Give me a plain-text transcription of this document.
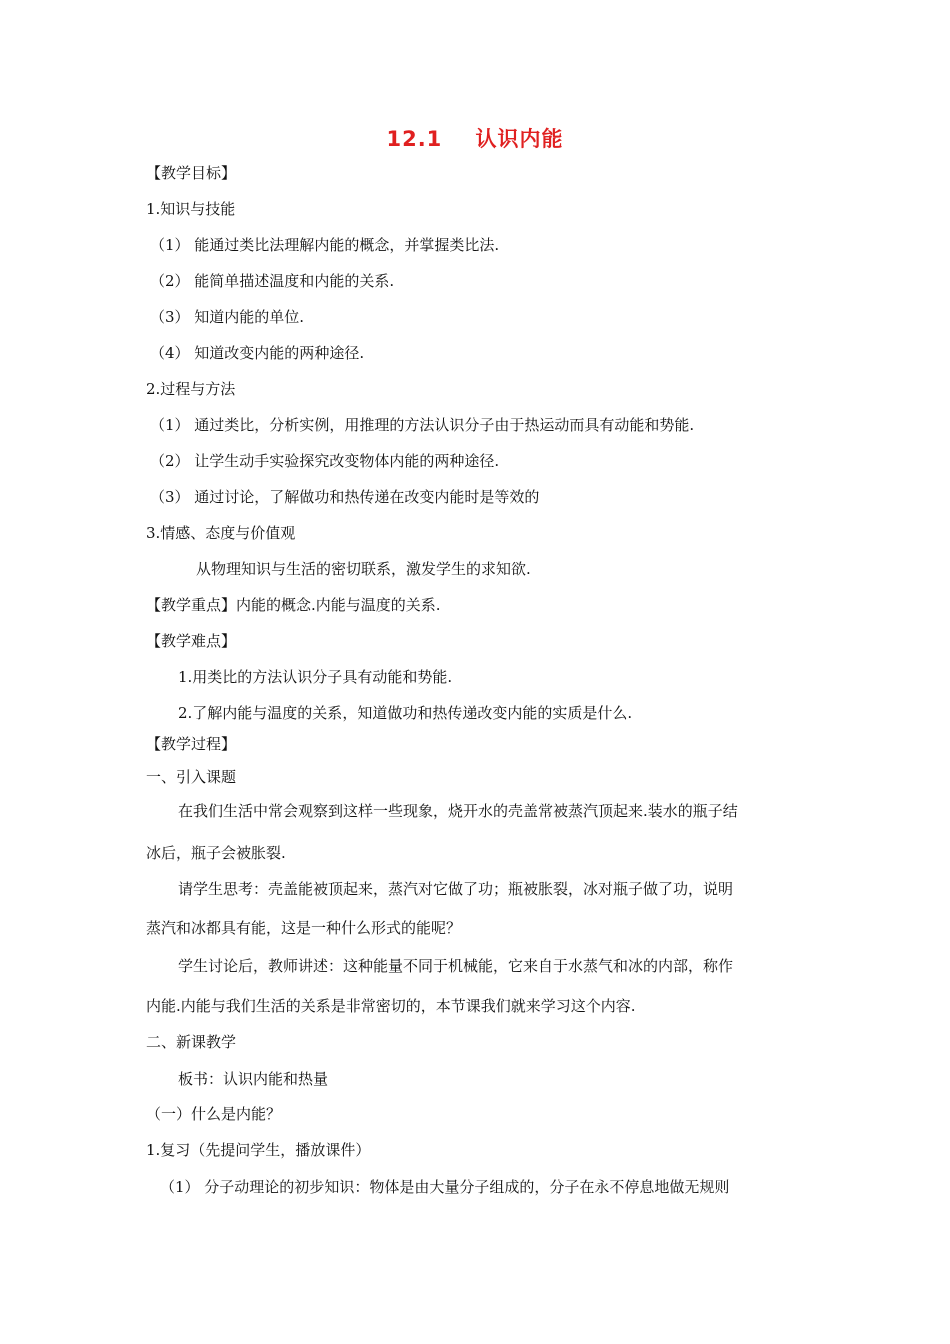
12.1    认识内能
【教学目标】
1.知识与技能
（1） 能通过类比法理解内能的概念，并掌握类比法.
（2） 能简单描述温度和内能的关系.
（3） 知道内能的单位.
（4） 知道改变内能的两种途径.
2.过程与方法
（1） 通过类比，分析实例，用推理的方法认识分子由于热运动而具有动能和势能.
（2） 让学生动手实验探究改变物体内能的两种途径.
（3） 通过讨论，了解做功和热传递在改变内能时是等效的
3.情感、态度与价值观
从物理知识与生活的密切联系，激发学生的求知欲.
【教学重点】内能的概念.内能与温度的关系.
【教学难点】
1.用类比的方法认识分子具有动能和势能.
2.了解内能与温度的关系，知道做功和热传递改变内能的实质是什么.
【教学过程】
一、引入课题
在我们生活中常会观察到这样一些现象，烧开水的壳盖常被蒸汽顶起来.装水的瓶子结
冰后，瓶子会被胀裂.
请学生思考：壳盖能被顶起来，蒸汽对它做了功；瓶被胀裂，冰对瓶子做了功，说明
蒸汽和冰都具有能，这是一种什么形式的能呢？
学生讨论后，教师讲述：这种能量不同于机械能，它来自于水蒸气和冰的内部，称作
内能.内能与我们生活的关系是非常密切的，本节课我们就来学习这个内容.
二、新课教学
板书：认识内能和热量
（一）什么是内能？
1.复习（先提问学生，播放课件）
（1） 分子动理论的初步知识：物体是由大量分子组成的，分子在永不停息地做无规则
